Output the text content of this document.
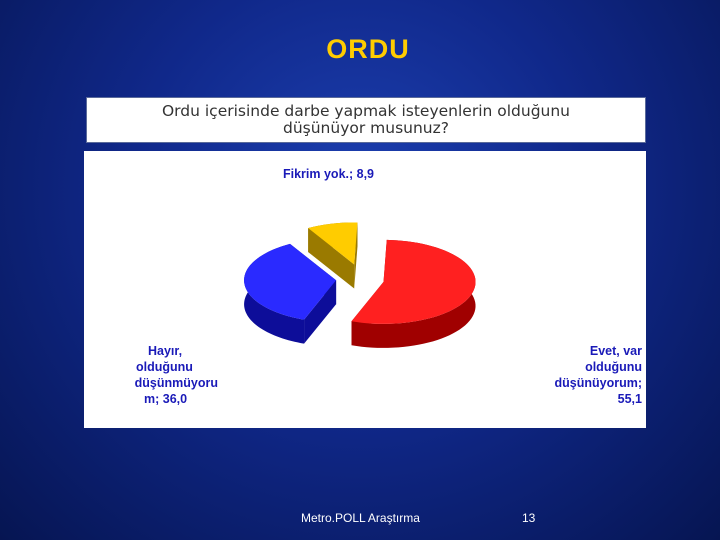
ORDU
Ordu içerisinde darbe yapmak isteyenlerin olduğunu
düşünüyor musunuz?
Evet, var
olduğunu
düşünüyorum;
55,1
Hayır,
olduğunu
düşünmüyoru
m; 36,0
Fikrim yok.; 8,9
Metro.POLL Araştırma	13
